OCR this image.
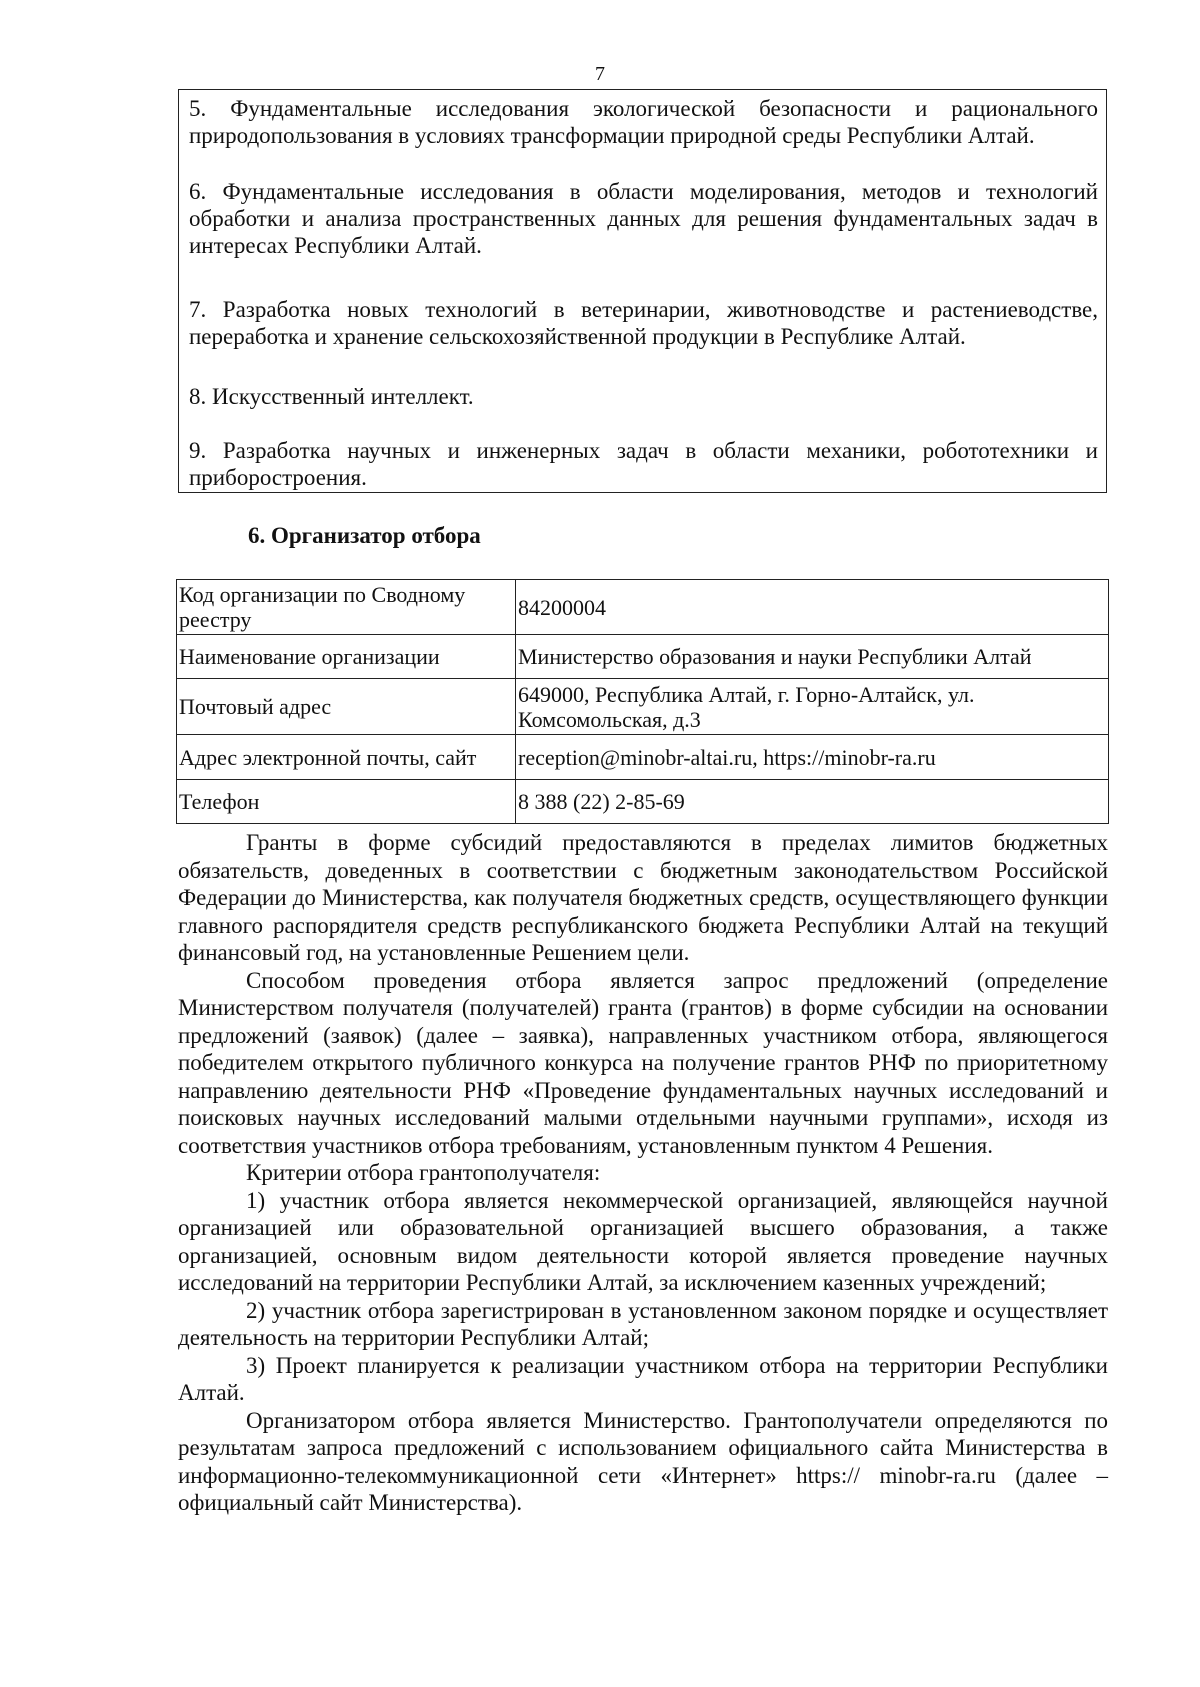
7

5. Фундаментальные исследования экологической безопасности и рационального природопользования в условиях трансформации природной среды Республики Алтай.

6. Фундаментальные исследования в области моделирования, методов и технологий обработки и анализа пространственных данных для решения фундаментальных задач в интересах Республики Алтай.

7. Разработка новых технологий в ветеринарии, животноводстве и растениеводстве, переработка и хранение сельскохозяйственной продукции в Республике Алтай.

8. Искусственный интеллект.

9. Разработка научных и инженерных задач в области механики, робототехники и приборостроения.

6. Организатор отбора
Код организации по Сводному реестру	84200004
Наименование организации	Министерство образования и науки Республики Алтай
Почтовый адрес	649000, Республика Алтай, г. Горно-Алтайск, ул. Комсомольская, д.3
Адрес электронной почты, сайт	reception@minobr-altai.ru, https://minobr-ra.ru
Телефон	8 388 (22) 2-85-69

Гранты в форме субсидий предоставляются в пределах лимитов бюджетных обязательств, доведенных в соответствии с бюджетным законодательством Российской Федерации до Министерства, как получателя бюджетных средств, осуществляющего функции главного распорядителя средств республиканского бюджета Республики Алтай на текущий финансовый год, на установленные Решением цели.

Способом проведения отбора является запрос предложений (определение Министерством получателя (получателей) гранта (грантов) в форме субсидии на основании предложений (заявок) (далее – заявка), направленных участником отбора, являющегося победителем открытого публичного конкурса на получение грантов РНФ по приоритетному направлению деятельности РНФ «Проведение фундаментальных научных исследований и поисковых научных исследований малыми отдельными научными группами», исходя из соответствия участников отбора требованиям, установленным пунктом 4 Решения.

Критерии отбора грантополучателя:

1) участник отбора является некоммерческой организацией, являющейся научной организацией или образовательной организацией высшего образования, а также организацией, основным видом деятельности которой является проведение научных исследований на территории Республики Алтай, за исключением казенных учреждений;

2) участник отбора зарегистрирован в установленном законом порядке и осуществляет деятельность на территории Республики Алтай;

3) Проект планируется к реализации участником отбора на территории Республики Алтай.

Организатором отбора является Министерство. Грантополучатели определяются по результатам запроса предложений с использованием официального сайта Министерства в информационно-телекоммуникационной сети «Интернет» https:// minobr-ra.ru (далее – официальный сайт Министерства).
